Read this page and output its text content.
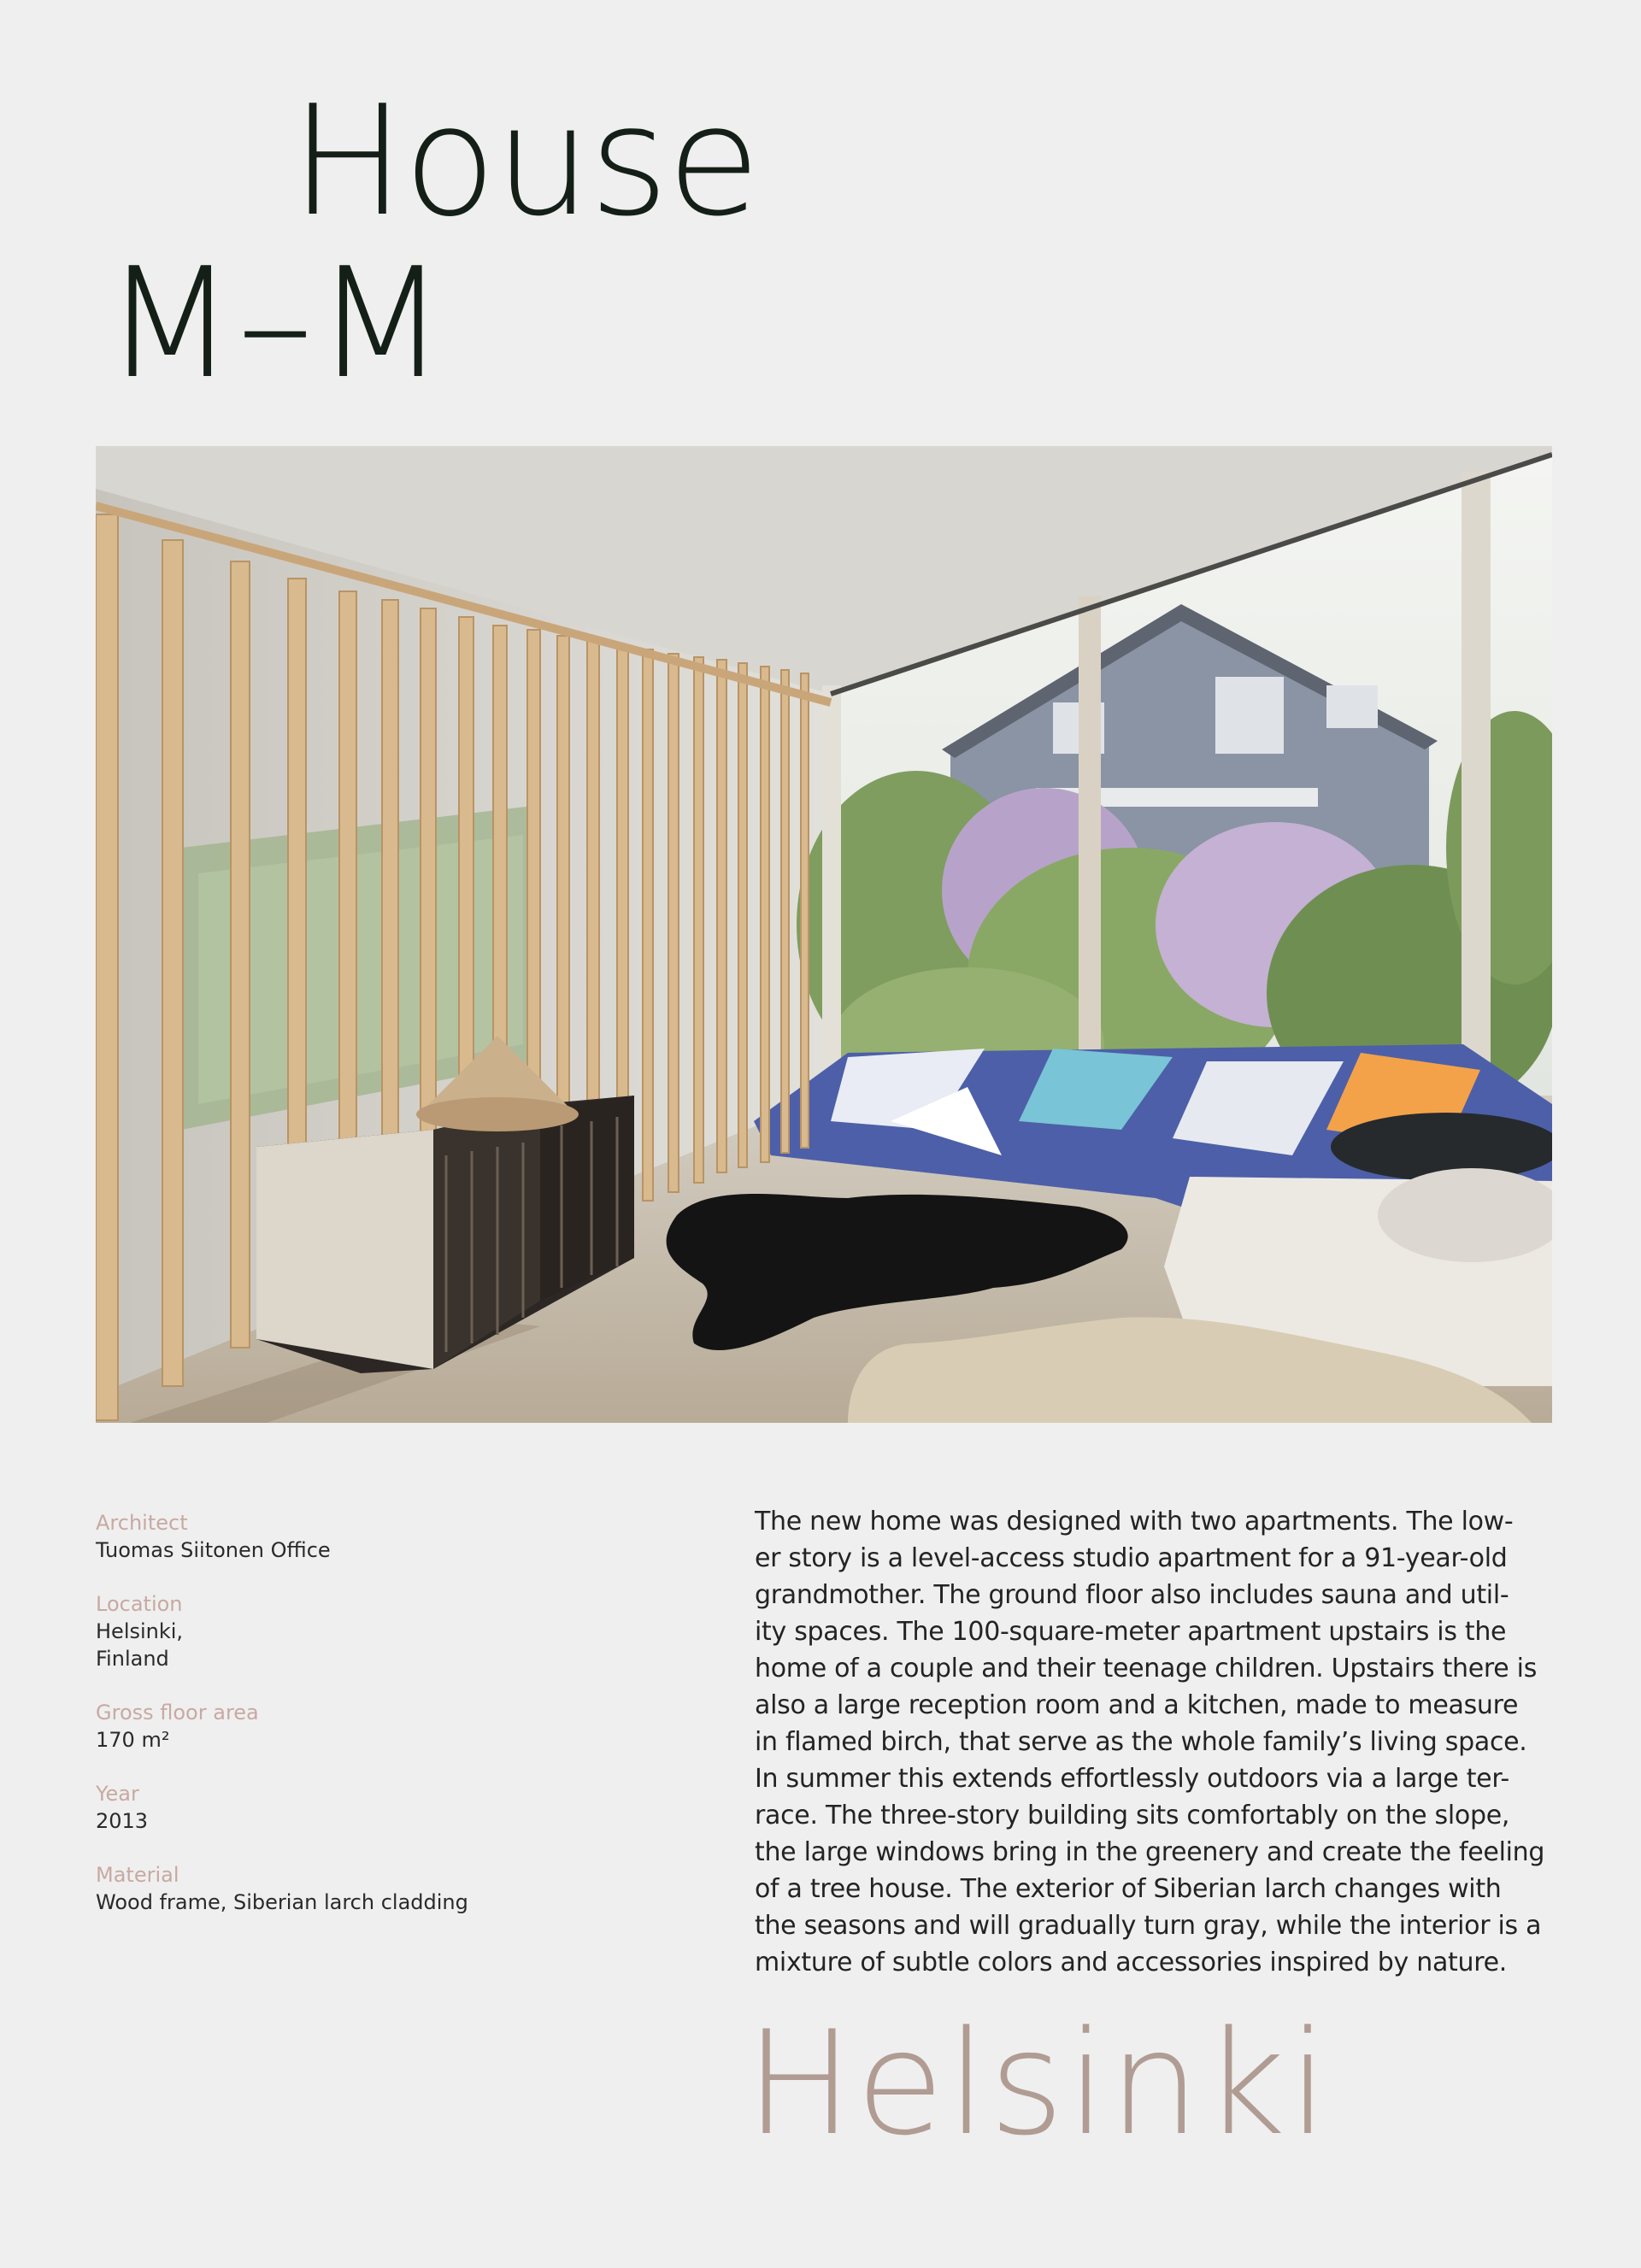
House
M–M
Architect
Tuomas Siitonen Office
Location
Helsinki,
Finland
Gross floor area
170 m²
Year
2013
Material
Wood frame, Siberian larch cladding
The new home was designed with two apartments. The low-
er story is a level-access studio apartment for a 91-year-old
grandmother. The ground floor also includes sauna and util-
ity spaces. The 100-square-meter apartment upstairs is the
home of a couple and their teenage children. Upstairs there is
also a large reception room and a kitchen, made to measure
in flamed birch, that serve as the whole family’s living space.
In summer this extends effortlessly outdoors via a large ter-
race. The three-story building sits comfortably on the slope,
the large windows bring in the greenery and create the feeling
of a tree house. The exterior of Siberian larch changes with
the seasons and will gradually turn gray, while the interior is a
mixture of subtle colors and accessories inspired by nature.
Helsinki
